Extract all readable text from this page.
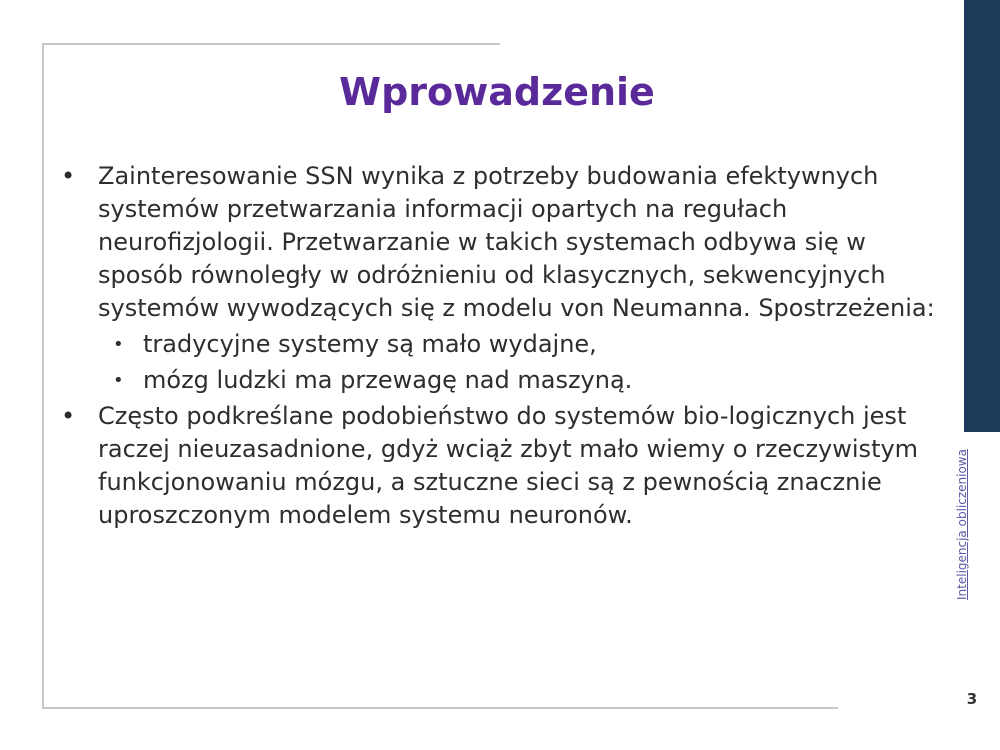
Inteligencja obliczeniowa
Wprowadzenie
• Zainteresowanie SSN wynika z potrzeby budowania efektywnych systemów przetwarzania informacji opartych na regułach neurofizjologii. Przetwarzanie w takich systemach odbywa się w sposób równoległy w odróżnieniu od klasycznych, sekwencyjnych systemów wywodzących się z modelu von Neumanna. Spostrzeżenia:
• tradycyjne systemy są mało wydajne,
• mózg ludzki ma przewagę nad maszyną.
• Często podkreślane podobieństwo do systemów bio-logicznych jest raczej nieuzasadnione, gdyż wciąż zbyt mało wiemy o rzeczywistym funkcjonowaniu mózgu, a sztuczne sieci są z pewnością znacznie uproszczonym modelem systemu neuronów.
3
